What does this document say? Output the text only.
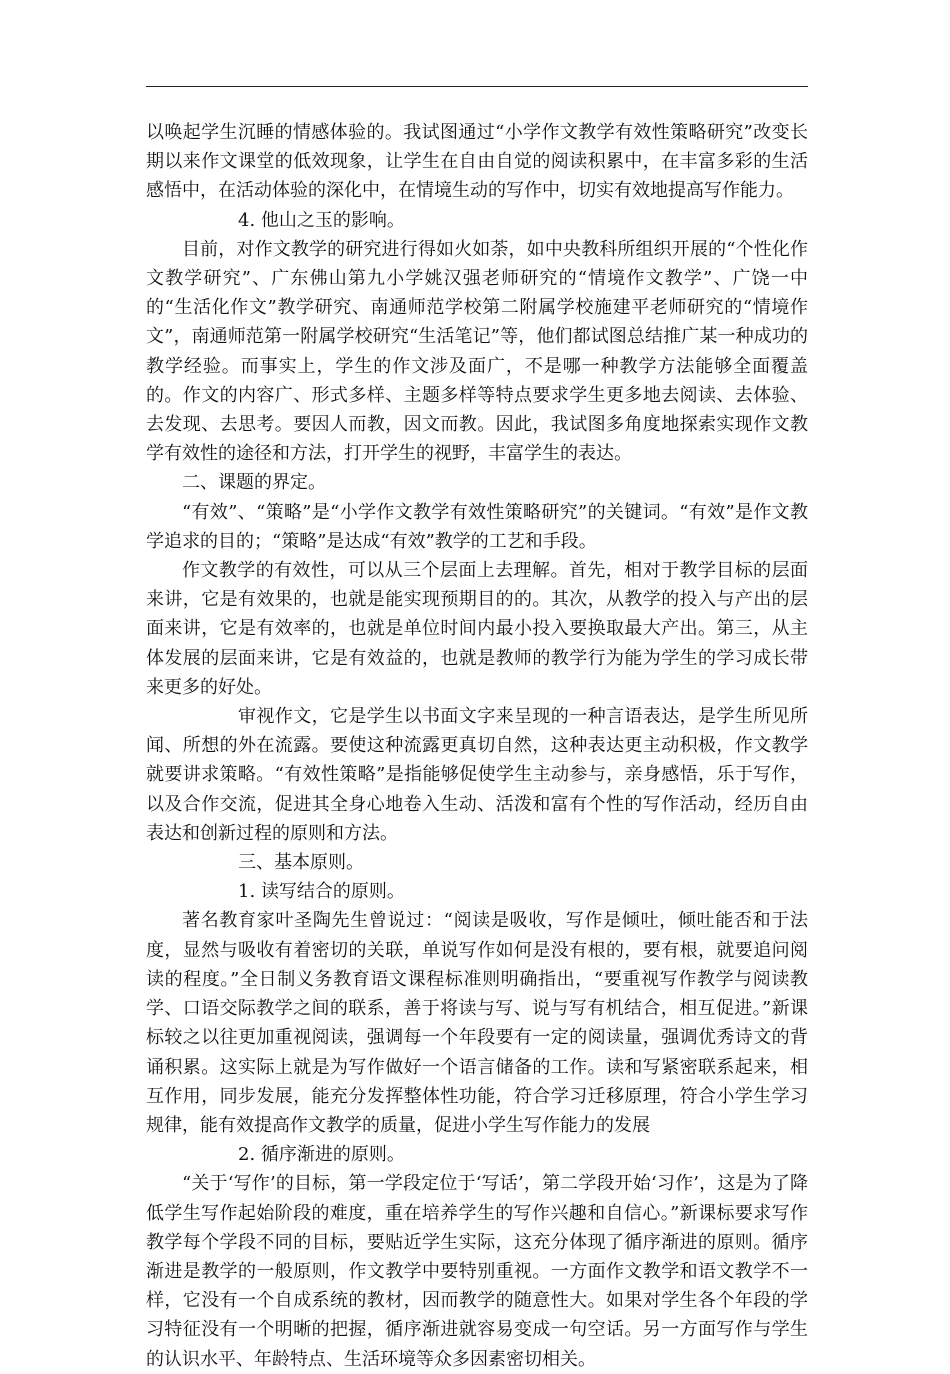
以唤起学生沉睡的情感体验的。我试图通过“小学作文教学有效性策略研究”改变长期以来作文课堂的低效现象，让学生在自由自觉的阅读积累中，在丰富多彩的生活感悟中，在活动体验的深化中，在情境生动的写作中，切实有效地提高写作能力。

4. 他山之玉的影响。

目前，对作文教学的研究进行得如火如荼，如中央教科所组织开展的“个性化作文教学研究”、广东佛山第九小学姚汉强老师研究的“情境作文教学”、广饶一中的“生活化作文”教学研究、南通师范学校第二附属学校施建平老师研究的“情境作文”，南通师范第一附属学校研究“生活笔记”等，他们都试图总结推广某一种成功的教学经验。而事实上，学生的作文涉及面广，不是哪一种教学方法能够全面覆盖的。作文的内容广、形式多样、主题多样等特点要求学生更多地去阅读、去体验、去发现、去思考。要因人而教，因文而教。因此，我试图多角度地探索实现作文教学有效性的途径和方法，打开学生的视野，丰富学生的表达。

二、课题的界定。

“有效”、“策略”是“小学作文教学有效性策略研究”的关键词。“有效”是作文教学追求的目的；“策略”是达成“有效”教学的工艺和手段。

作文教学的有效性，可以从三个层面上去理解。首先，相对于教学目标的层面来讲，它是有效果的，也就是能实现预期目的的。其次，从教学的投入与产出的层面来讲，它是有效率的，也就是单位时间内最小投入要换取最大产出。第三，从主体发展的层面来讲，它是有效益的，也就是教师的教学行为能为学生的学习成长带来更多的好处。

审视作文，它是学生以书面文字来呈现的一种言语表达，是学生所见所闻、所想的外在流露。要使这种流露更真切自然，这种表达更主动积极，作文教学就要讲求策略。“有效性策略”是指能够促使学生主动参与，亲身感悟，乐于写作，以及合作交流，促进其全身心地卷入生动、活泼和富有个性的写作活动，经历自由表达和创新过程的原则和方法。

三、基本原则。

1. 读写结合的原则。

著名教育家叶圣陶先生曾说过：“阅读是吸收，写作是倾吐，倾吐能否和于法度，显然与吸收有着密切的关联，单说写作如何是没有根的，要有根，就要追问阅读的程度。”全日制义务教育语文课程标准则明确指出，“要重视写作教学与阅读教学、口语交际教学之间的联系，善于将读与写、说与写有机结合，相互促进。”新课标较之以往更加重视阅读，强调每一个年段要有一定的阅读量，强调优秀诗文的背诵积累。这实际上就是为写作做好一个语言储备的工作。读和写紧密联系起来，相互作用，同步发展，能充分发挥整体性功能，符合学习迁移原理，符合小学生学习规律，能有效提高作文教学的质量，促进小学生写作能力的发展

2. 循序渐进的原则。

“关于‘写作’的目标，第一学段定位于‘写话’，第二学段开始‘习作’，这是为了降低学生写作起始阶段的难度，重在培养学生的写作兴趣和自信心。”新课标要求写作教学每个学段不同的目标，要贴近学生实际，这充分体现了循序渐进的原则。循序渐进是教学的一般原则，作文教学中要特别重视。一方面作文教学和语文教学不一样，它没有一个自成系统的教材，因而教学的随意性大。如果对学生各个年段的学习特征没有一个明晰的把握，循序渐进就容易变成一句空话。另一方面写作与学生的认识水平、年龄特点、生活环境等众多因素密切相关。
